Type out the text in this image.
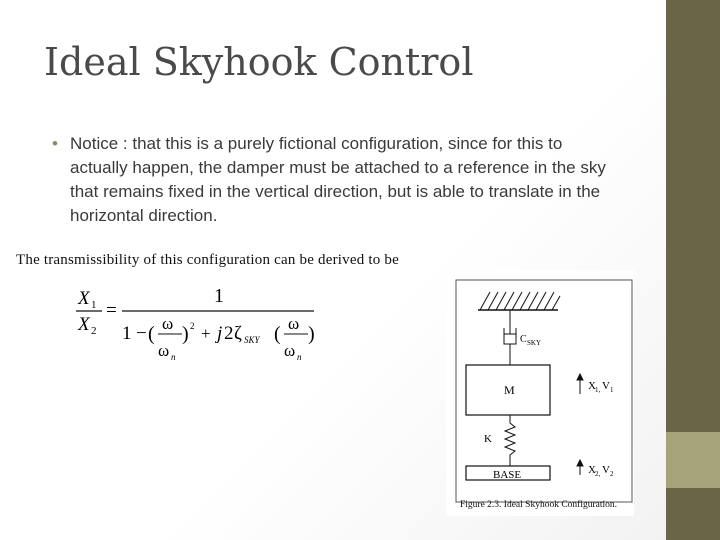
Ideal Skyhook Control
• Notice : that this is a purely fictional configuration, since for this to actually happen, the damper must be attached to a reference in the sky that remains fixed in the vertical direction, but is able to translate in the horizontal direction.
The transmissibility of this configuration can be derived to be
X 1
X 2
=
1
1 − ( ω
ω n
) 2 + j 2 ζ SKY ( ω
ω n
)	C SKY
M	X 1, V 1
K
BASE	X 2, V 2
Figure 2.3. Ideal Skyhook Configuration.
